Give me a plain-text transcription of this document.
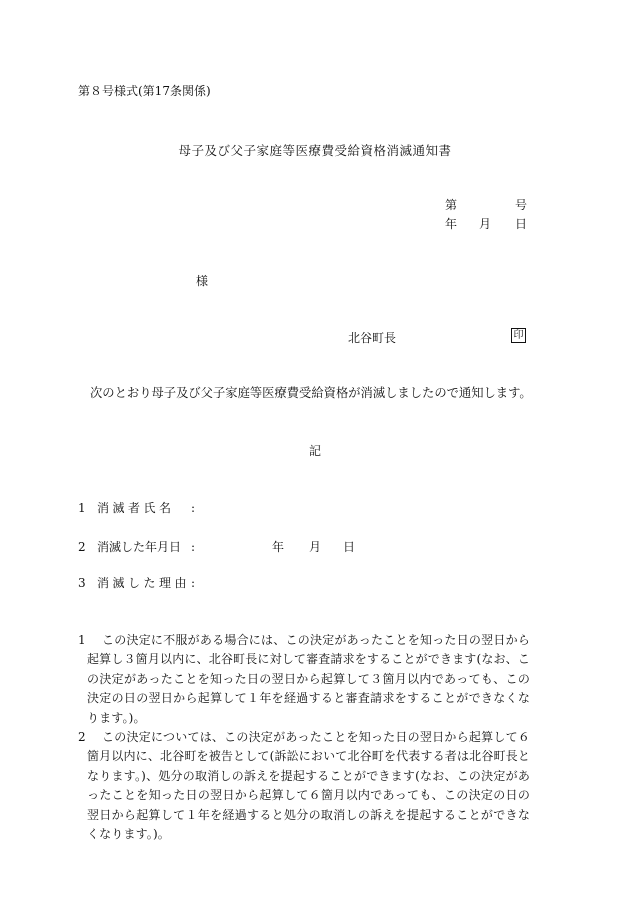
第８号様式(第17条関係)
母子及び父子家庭等医療費受給資格消滅通知書
第	号
年 月 日
様
北谷町長	印
次のとおり母子及び父子家庭等医療費受給資格が消滅しましたので通知します。
記
1 消滅者氏名 :
2 消滅した年月日 :	年 月 日
3 消滅した理由 :
1	この決定に不服がある場合には、この決定があったことを知った日の翌日から起算し３箇月以内に、北谷町長に対して審査請求をすることができます(なお、この決定があったことを知った日の翌日から起算して３箇月以内であっても、この決定の日の翌日から起算して１年を経過すると審査請求をすることができなくなります。)。
2	この決定については、この決定があったことを知った日の翌日から起算して６箇月以内に、北谷町を被告として(訴訟において北谷町を代表する者は北谷町長となります。)、処分の取消しの訴えを提起することができます(なお、この決定があったことを知った日の翌日から起算して６箇月以内であっても、この決定の日の翌日から起算して１年を経過すると処分の取消しの訴えを提起することができなくなります。)。
